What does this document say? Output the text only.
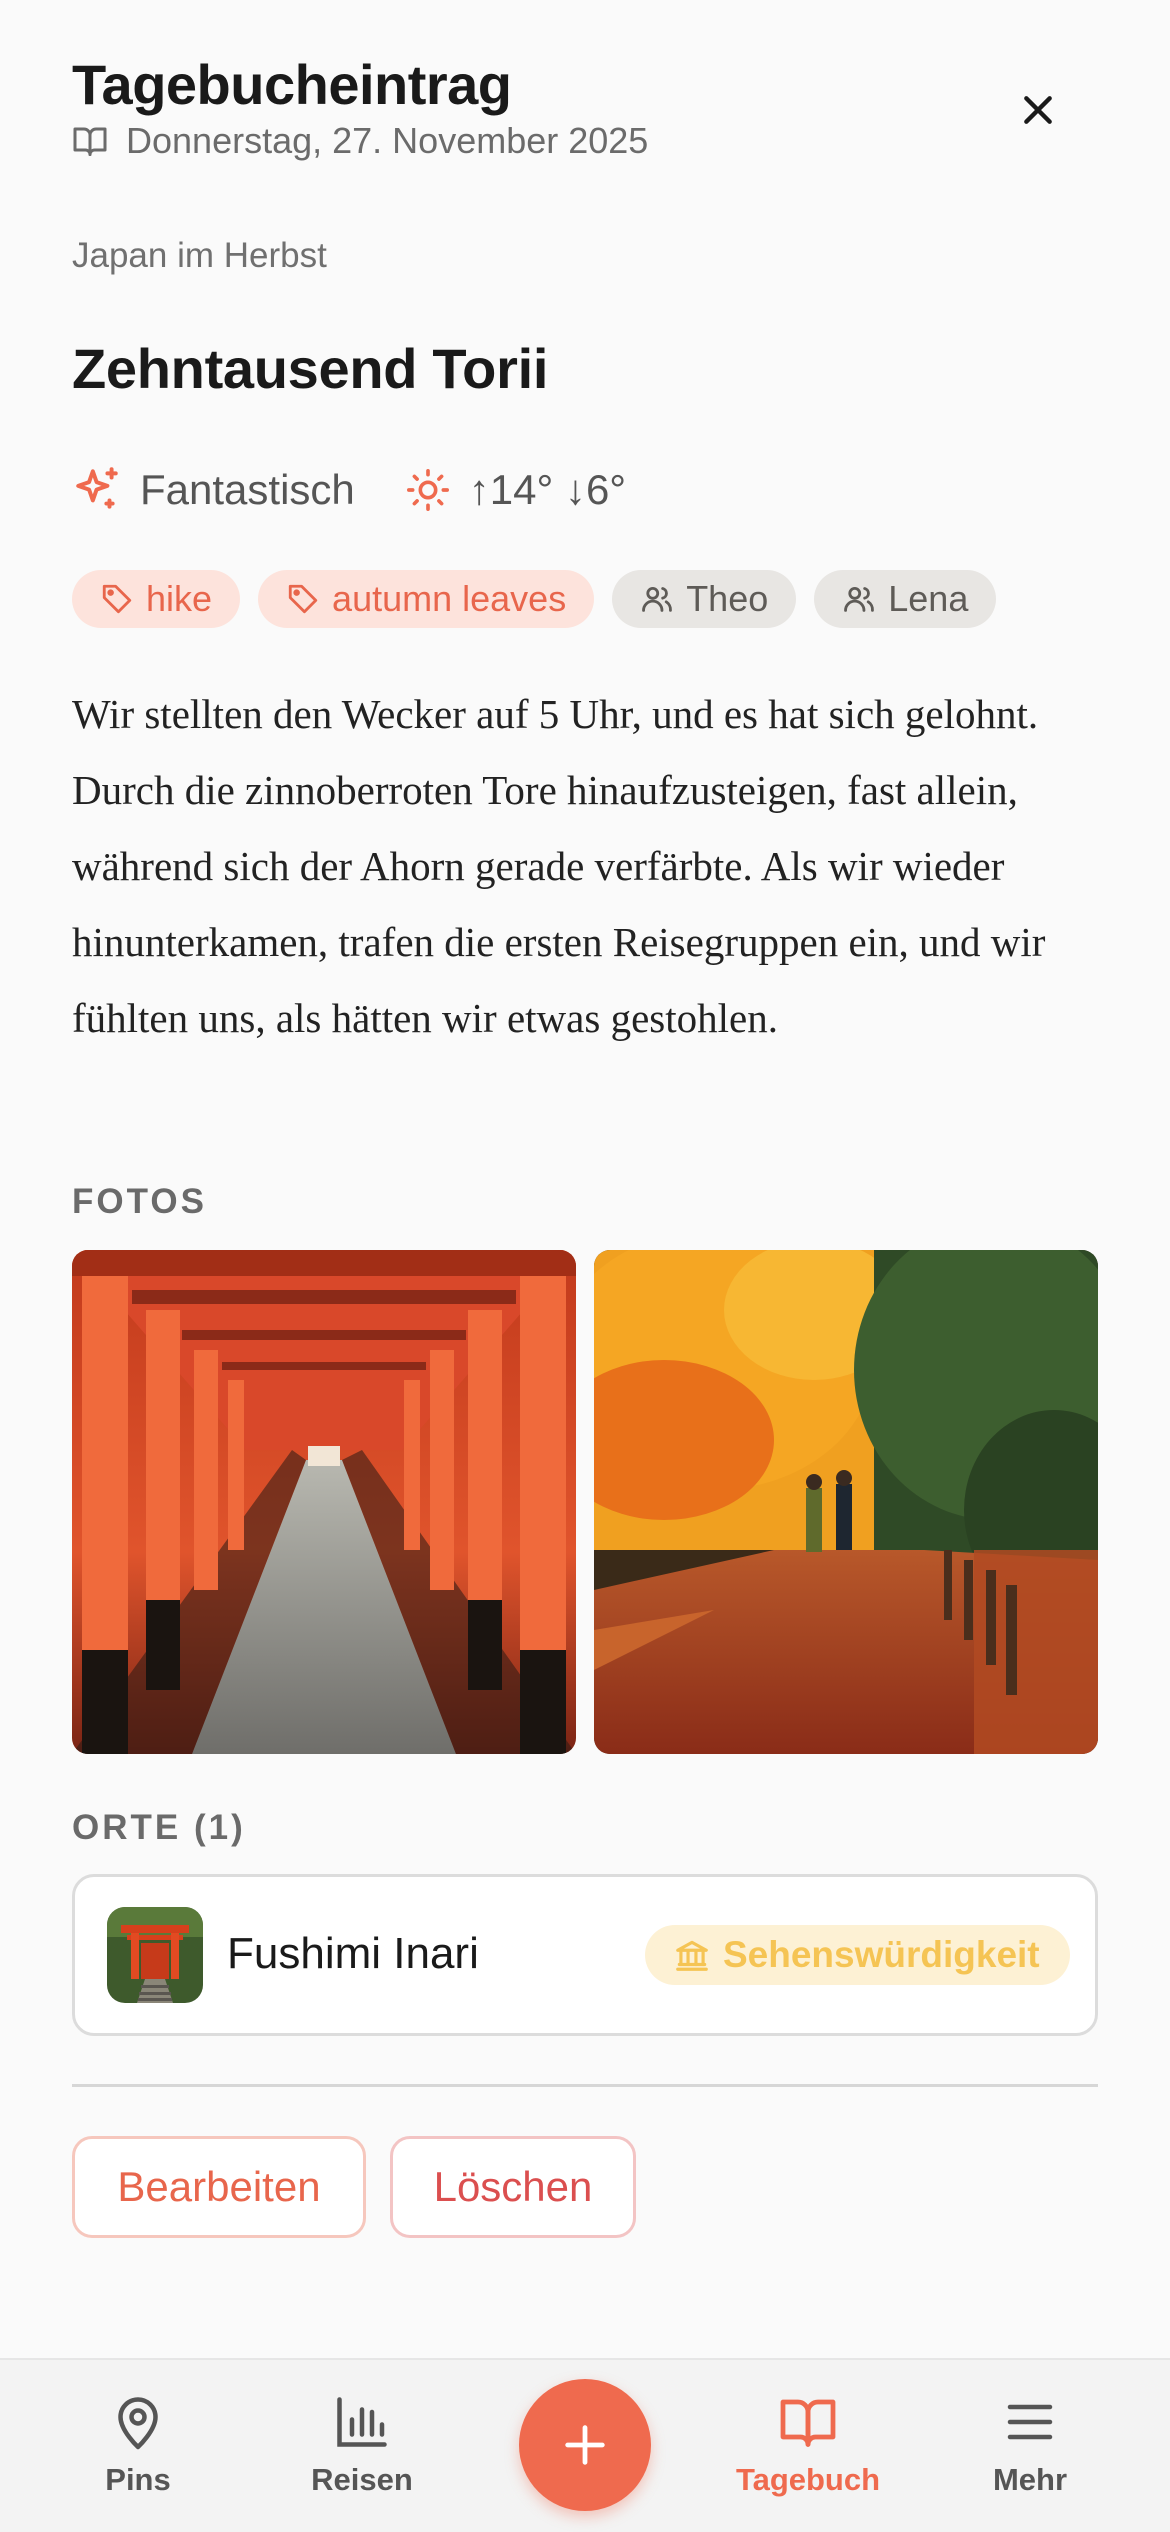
Tagebucheintrag
Donnerstag, 27. November 2025
Japan im Herbst
Zehntausend Torii
Fantastisch	↑14° ↓6°
hike	autumn leaves	Theo	Lena
Wir stellten den Wecker auf 5 Uhr, und es hat sich gelohnt. Durch die zinnoberroten Tore hinaufzusteigen, fast allein, während sich der Ahorn gerade verfärbte. Als wir wieder hinunterkamen, trafen die ersten Reisegruppen ein, und wir fühlten uns, als hätten wir etwas gestohlen.
FOTOS
ORTE (1)
Fushimi Inari	Sehenswürdigkeit
Bearbeiten	Löschen
Pins	Reisen	Tagebuch	Mehr
